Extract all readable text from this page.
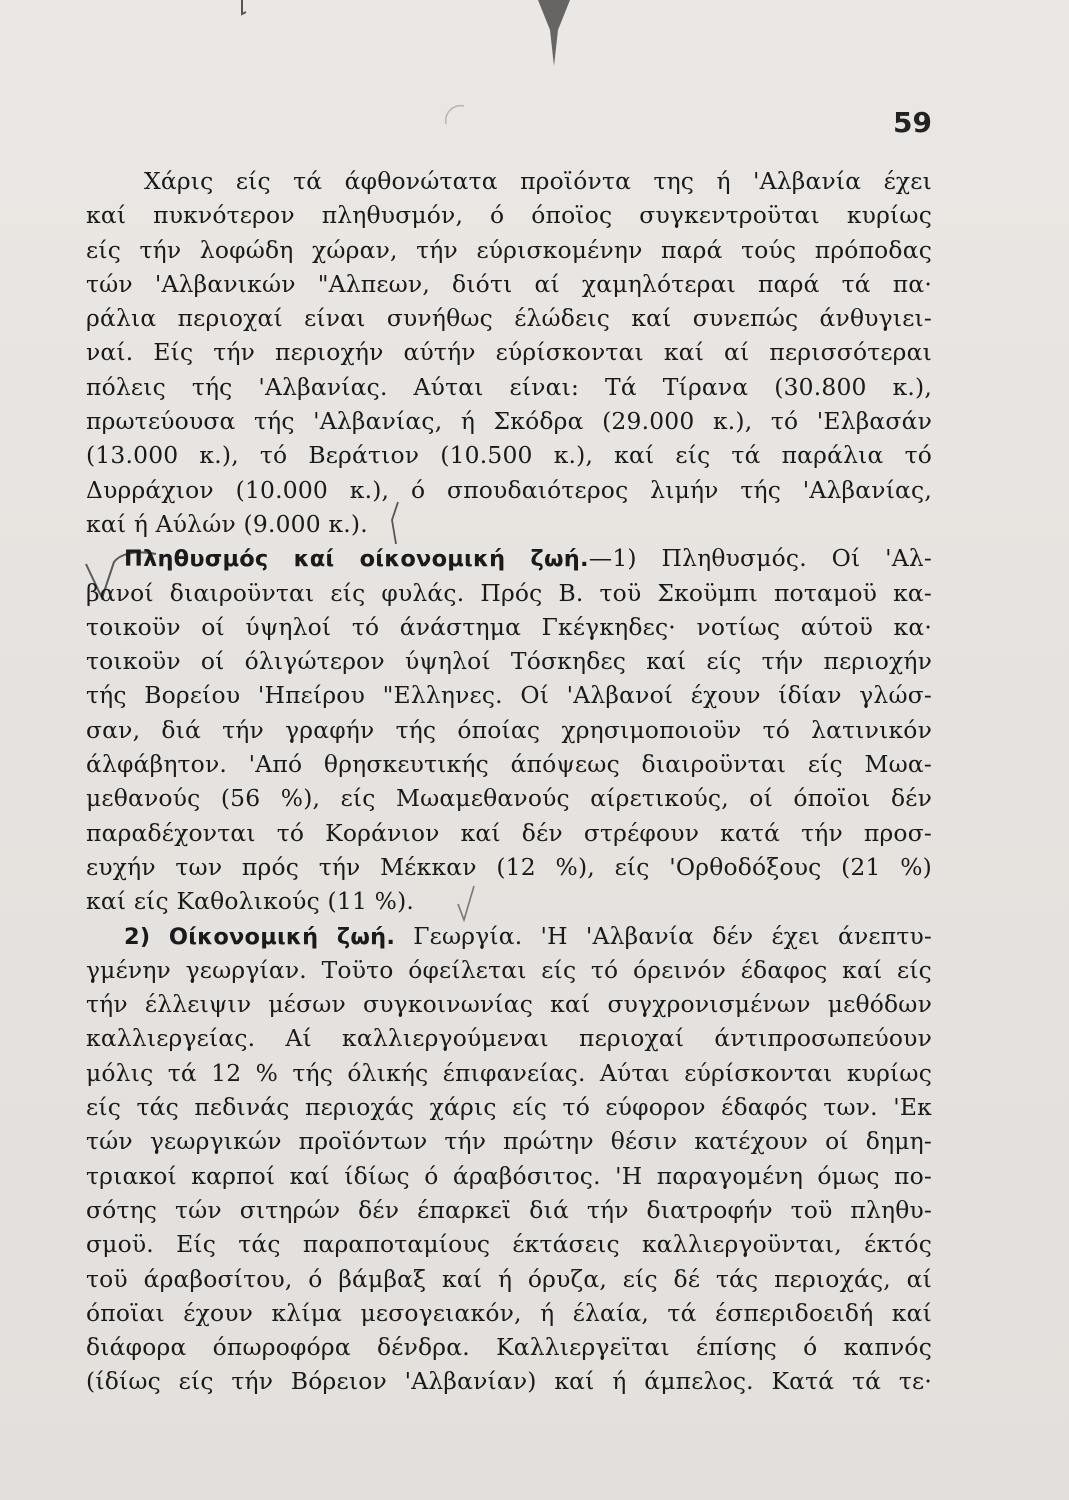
59
Χάρις είς τά άφθονώτατα προϊόντα της ή 'Αλβανία έχει
καί πυκνότερον πληθυσμόν, ό όποϊος συγκεντροϋται κυρίως
είς τήν λοφώδη χώραν, τήν εύρισκομένην παρά τούς πρόποδας
τών 'Αλβανικών "Αλπεων, διότι αί χαμηλότεραι παρά τά πα·
ράλια περιοχαί είναι συνήθως έλώδεις καί συνεπώς άνθυγιει-
ναί. Είς τήν περιοχήν αύτήν εύρίσκονται καί αί περισσότεραι
πόλεις τής 'Αλβανίας. Αύται είναι: Τά Τίρανα (30.800 κ.),
πρωτεύουσα τής 'Αλβανίας, ή Σκόδρα (29.000 κ.), τό 'Ελβασάν
(13.000 κ.), τό Βεράτιον (10.500 κ.), καί είς τά παράλια τό
Δυρράχιον (10.000 κ.), ό σπουδαιότερος λιμήν τής 'Αλβανίας,
καί ή Αύλών (9.000 κ.).
Πληθυσμός καί οίκονομική ζωή.—1) Πληθυσμός. Οί 'Αλ-
βανοί διαιροϋνται είς φυλάς. Πρός Β. τοϋ Σκοϋμπι ποταμοϋ κα-
τοικοϋν οί ύψηλοί τό άνάστημα Γκέγκηδες· νοτίως αύτοϋ κα·
τοικοϋν οί όλιγώτερον ύψηλοί Τόσκηδες καί είς τήν περιοχήν
τής Βορείου 'Ηπείρου "Ελληνες. Οί 'Αλβανοί έχουν ίδίαν γλώσ-
σαν, διά τήν γραφήν τής όποίας χρησιμοποιοϋν τό λατινικόν
άλφάβητον. 'Από θρησκευτικής άπόψεως διαιροϋνται είς Μωα-
μεθανούς (56 %), είς Μωαμεθανούς αίρετικούς, οί όποϊοι δέν
παραδέχονται τό Κοράνιον καί δέν στρέφουν κατά τήν προσ-
ευχήν των πρός τήν Μέκκαν (12 %), είς 'Ορθοδόξους (21 %)
καί είς Καθολικούς (11 %).
2) Οίκονομική ζωή. Γεωργία. 'Η 'Αλβανία δέν έχει άνεπτυ-
γμένην γεωργίαν. Τοϋτο όφείλεται είς τό όρεινόν έδαφος καί είς
τήν έλλειψιν μέσων συγκοινωνίας καί συγχρονισμένων μεθόδων
καλλιεργείας. Αί καλλιεργούμεναι περιοχαί άντιπροσωπεύουν
μόλις τά 12 % τής όλικής έπιφανείας. Αύται εύρίσκονται κυρίως
είς τάς πεδινάς περιοχάς χάρις είς τό εύφορον έδαφός των. 'Εκ
τών γεωργικών προϊόντων τήν πρώτην θέσιν κατέχουν οί δημη-
τριακοί καρποί καί ίδίως ό άραβόσιτος. 'Η παραγομένη όμως πο-
σότης τών σιτηρών δέν έπαρκεϊ διά τήν διατροφήν τοϋ πληθυ-
σμοϋ. Είς τάς παραποταμίους έκτάσεις καλλιεργοϋνται, έκτός
τοϋ άραβοσίτου, ό βάμβαξ καί ή όρυζα, είς δέ τάς περιοχάς, αί
όποϊαι έχουν κλίμα μεσογειακόν, ή έλαία, τά έσπεριδοειδή καί
διάφορα όπωροφόρα δένδρα. Καλλιεργεϊται έπίσης ό καπνός
(ίδίως είς τήν Βόρειον 'Αλβανίαν) καί ή άμπελος. Κατά τά τε·
